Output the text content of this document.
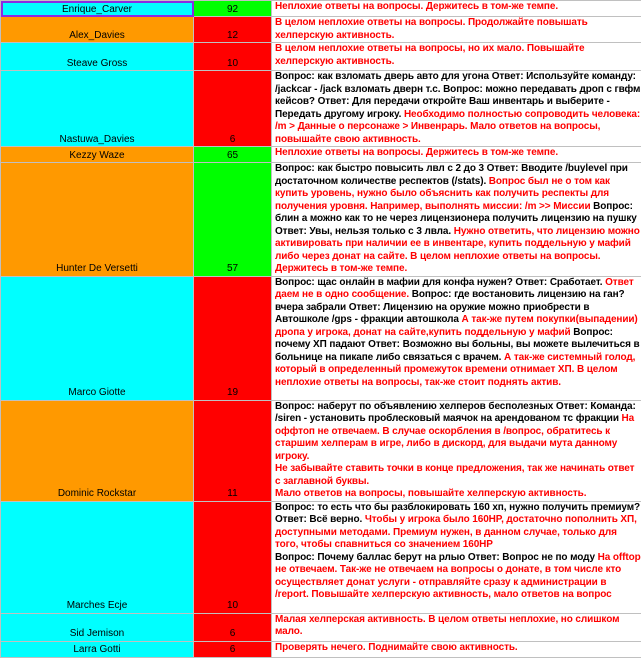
Enrique_Carver	92	Неплохие ответы на вопросы. Держитесь в том-же темпе.
Alex_Davies	12	В целом неплохие ответы на вопросы. Продолжайте повышать хелперскую активность.
Steave Gross	10	В целом неплохие ответы на вопросы, но их мало. Повышайте хелперскую активность.
Nastuwa_Davies	6	Вопрос: как взломать дверь авто для угона Ответ: Используйте команду: /jackcar - /jack взломать дверн т.с. Вопрос: можно передавать дроп с гвфм кейсов? Ответ: Для передачи откройте Ваш инвентарь и выберите - Передать другому игроку. Необходимо полностью сопроводить человека: /m > Данные о персонаже > Инвенрарь. Мало ответов на вопросы, повышайте свою активность.
Kezzy Waze	65	Неплохие ответы на вопросы. Держитесь в том-же темпе.
Hunter De Versetti	57	Вопрос: как быстро повысить лвл с 2 до 3 Ответ: Вводите /buylevel при достаточном количестве респектов (/stats). Вопрос был не о том как купить уровень, нужно было объяснить как получить респекты для получения уровня. Например, выполнять миссии: /m >> Миссии Вопрос: блин а можно как то не через лицензионера получить лицензию на пушку Ответ: Увы, нельзя только с 3 лвла. Нужно ответить, что лицензию можно активировать при наличии ее в инвентаре, купить поддельную у мафий либо через донат на сайте. В целом неплохие ответы на вопросы. Держитесь в том-же темпе.
Marco Giotte	19	Вопрос: щас онлайн в мафии для конфа нужен? Ответ: Сработает. Ответ даем не в одно сообщение. Вопрос: где востановить лицензию на ган? вчера забрали Ответ: Лицензию на оружие можно приобрести в Автошколе /gps - фракции автошкола А так-же путем покупки(выпадении) дропа у игрока, донат на сайте,купить поддельную у мафий Вопрос: почему ХП падают Ответ: Возможно вы больны, вы можете вылечиться в больнице на пикапе либо связаться с врачем. А так-же системный голод, который в определенный промежуток времени отнимает ХП. В целом неплохие ответы на вопросы, так-же стоит поднять актив.
Dominic Rockstar	11	Вопрос: наберут по объявлению хелперов бесполезных Ответ: Команда: /siren - установить проблесковый маячок на арендованом тс фракции На оффтоп не отвечаем. В случае оскорбления в /вопрос, обратитесь к старшим хелперам в игре, либо в дискорд, для выдачи мута данному игроку.
Не забывайте ставить точки в конце предложения, так же начинать ответ с заглавной буквы.
Мало ответов на вопросы, повышайте хелперскую активность.
Marches Ecje	10	Вопрос: то есть что бы разблокировать 160 хп, нужно получить премиум? Ответ: Всё верно. Чтобы у игрока было 160HP, достаточно пополнить ХП, доступными методами. Премиум нужен, в данном случае, только для того, чтобы спавниться со значением 160HP
Вопрос: Почему баллас берут на рлыо Ответ: Вопрос не по моду На offtop не отвечаем. Так-же не отвечаем на вопросы о донате, в том числе кто осуществляет донат услуги - отправляйте сразу к администрации в /report. Повышайте хелперскую активность, мало ответов на вопрос
Sid Jemison	6	Малая хелперская активность. В целом ответы неплохие, но слишком мало.
Larra Gotti	6	Проверять нечего. Поднимайте свою активность.
